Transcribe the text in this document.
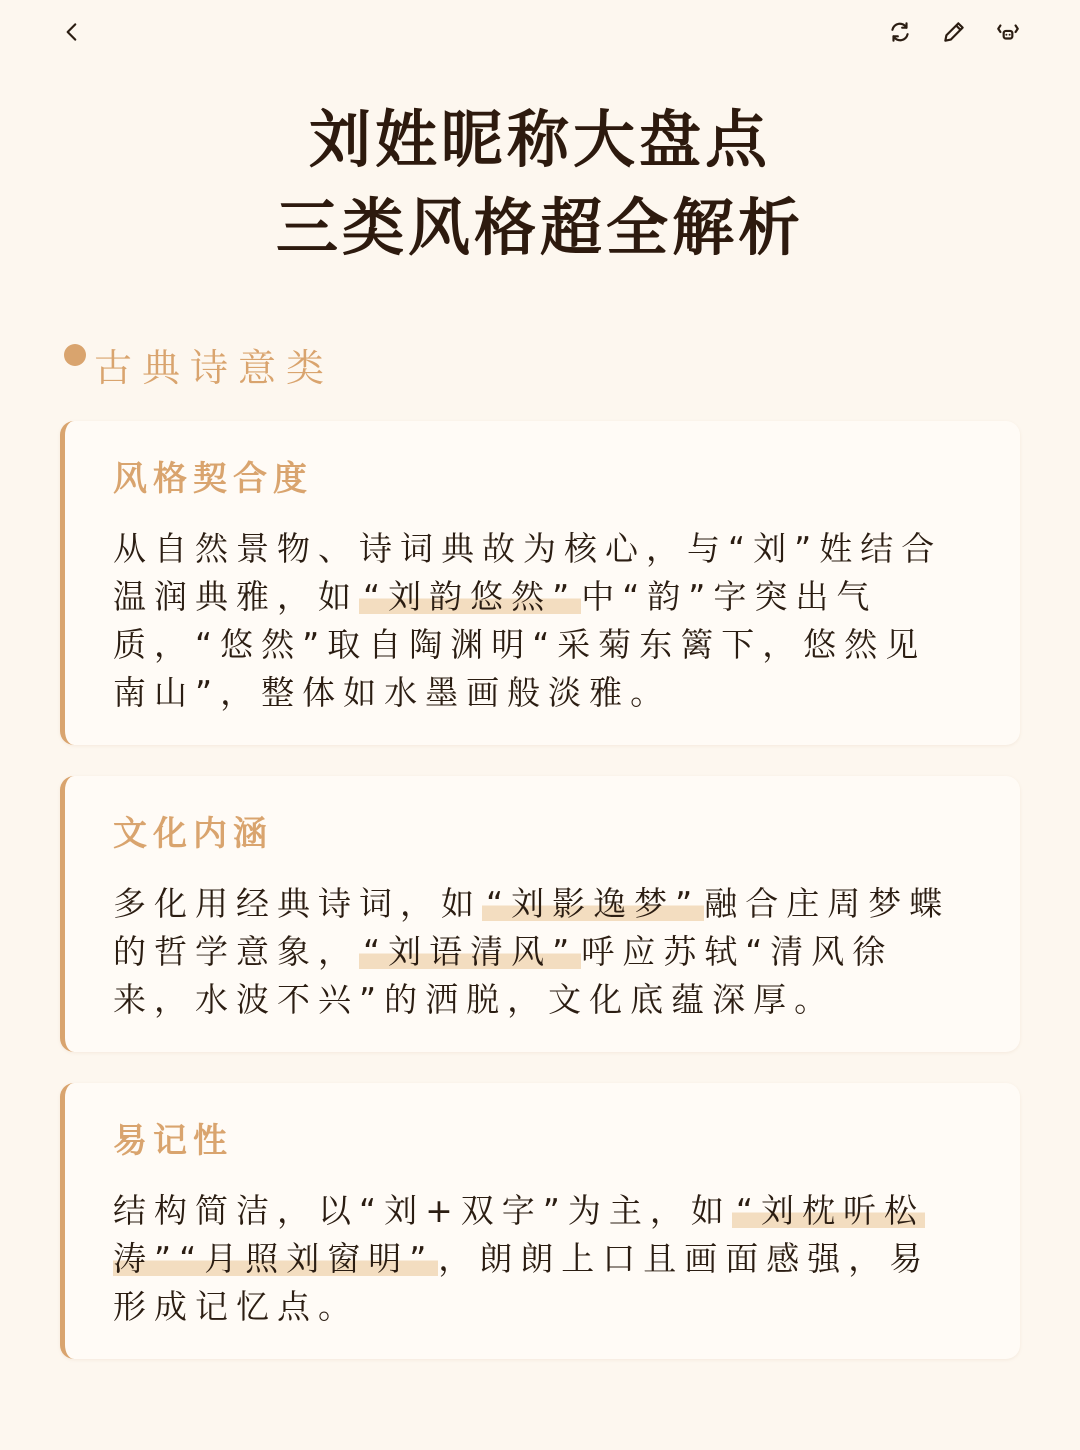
刘姓昵称大盘点
三类风格超全解析
古典诗意类
风格契合度

从自然景物、诗词典故为核心，与“刘”姓结合温润典雅，如 “刘韵悠然” 中“韵”字突出气质，“悠然”取自陶渊明“采菊东篱下，悠然见南山”，整体如水墨画般淡雅。

文化内涵

多化用经典诗词，如 “刘影逸梦” 融合庄周梦蝶的哲学意象， “刘语清风” 呼应苏轼“清风徐来，水波不兴”的洒脱，文化底蕴深厚。

易记性

结构简洁，以“刘+双字”为主，如 “刘枕听松涛”“月照刘窗明” ，朗朗上口且画面感强，易形成记忆点。
